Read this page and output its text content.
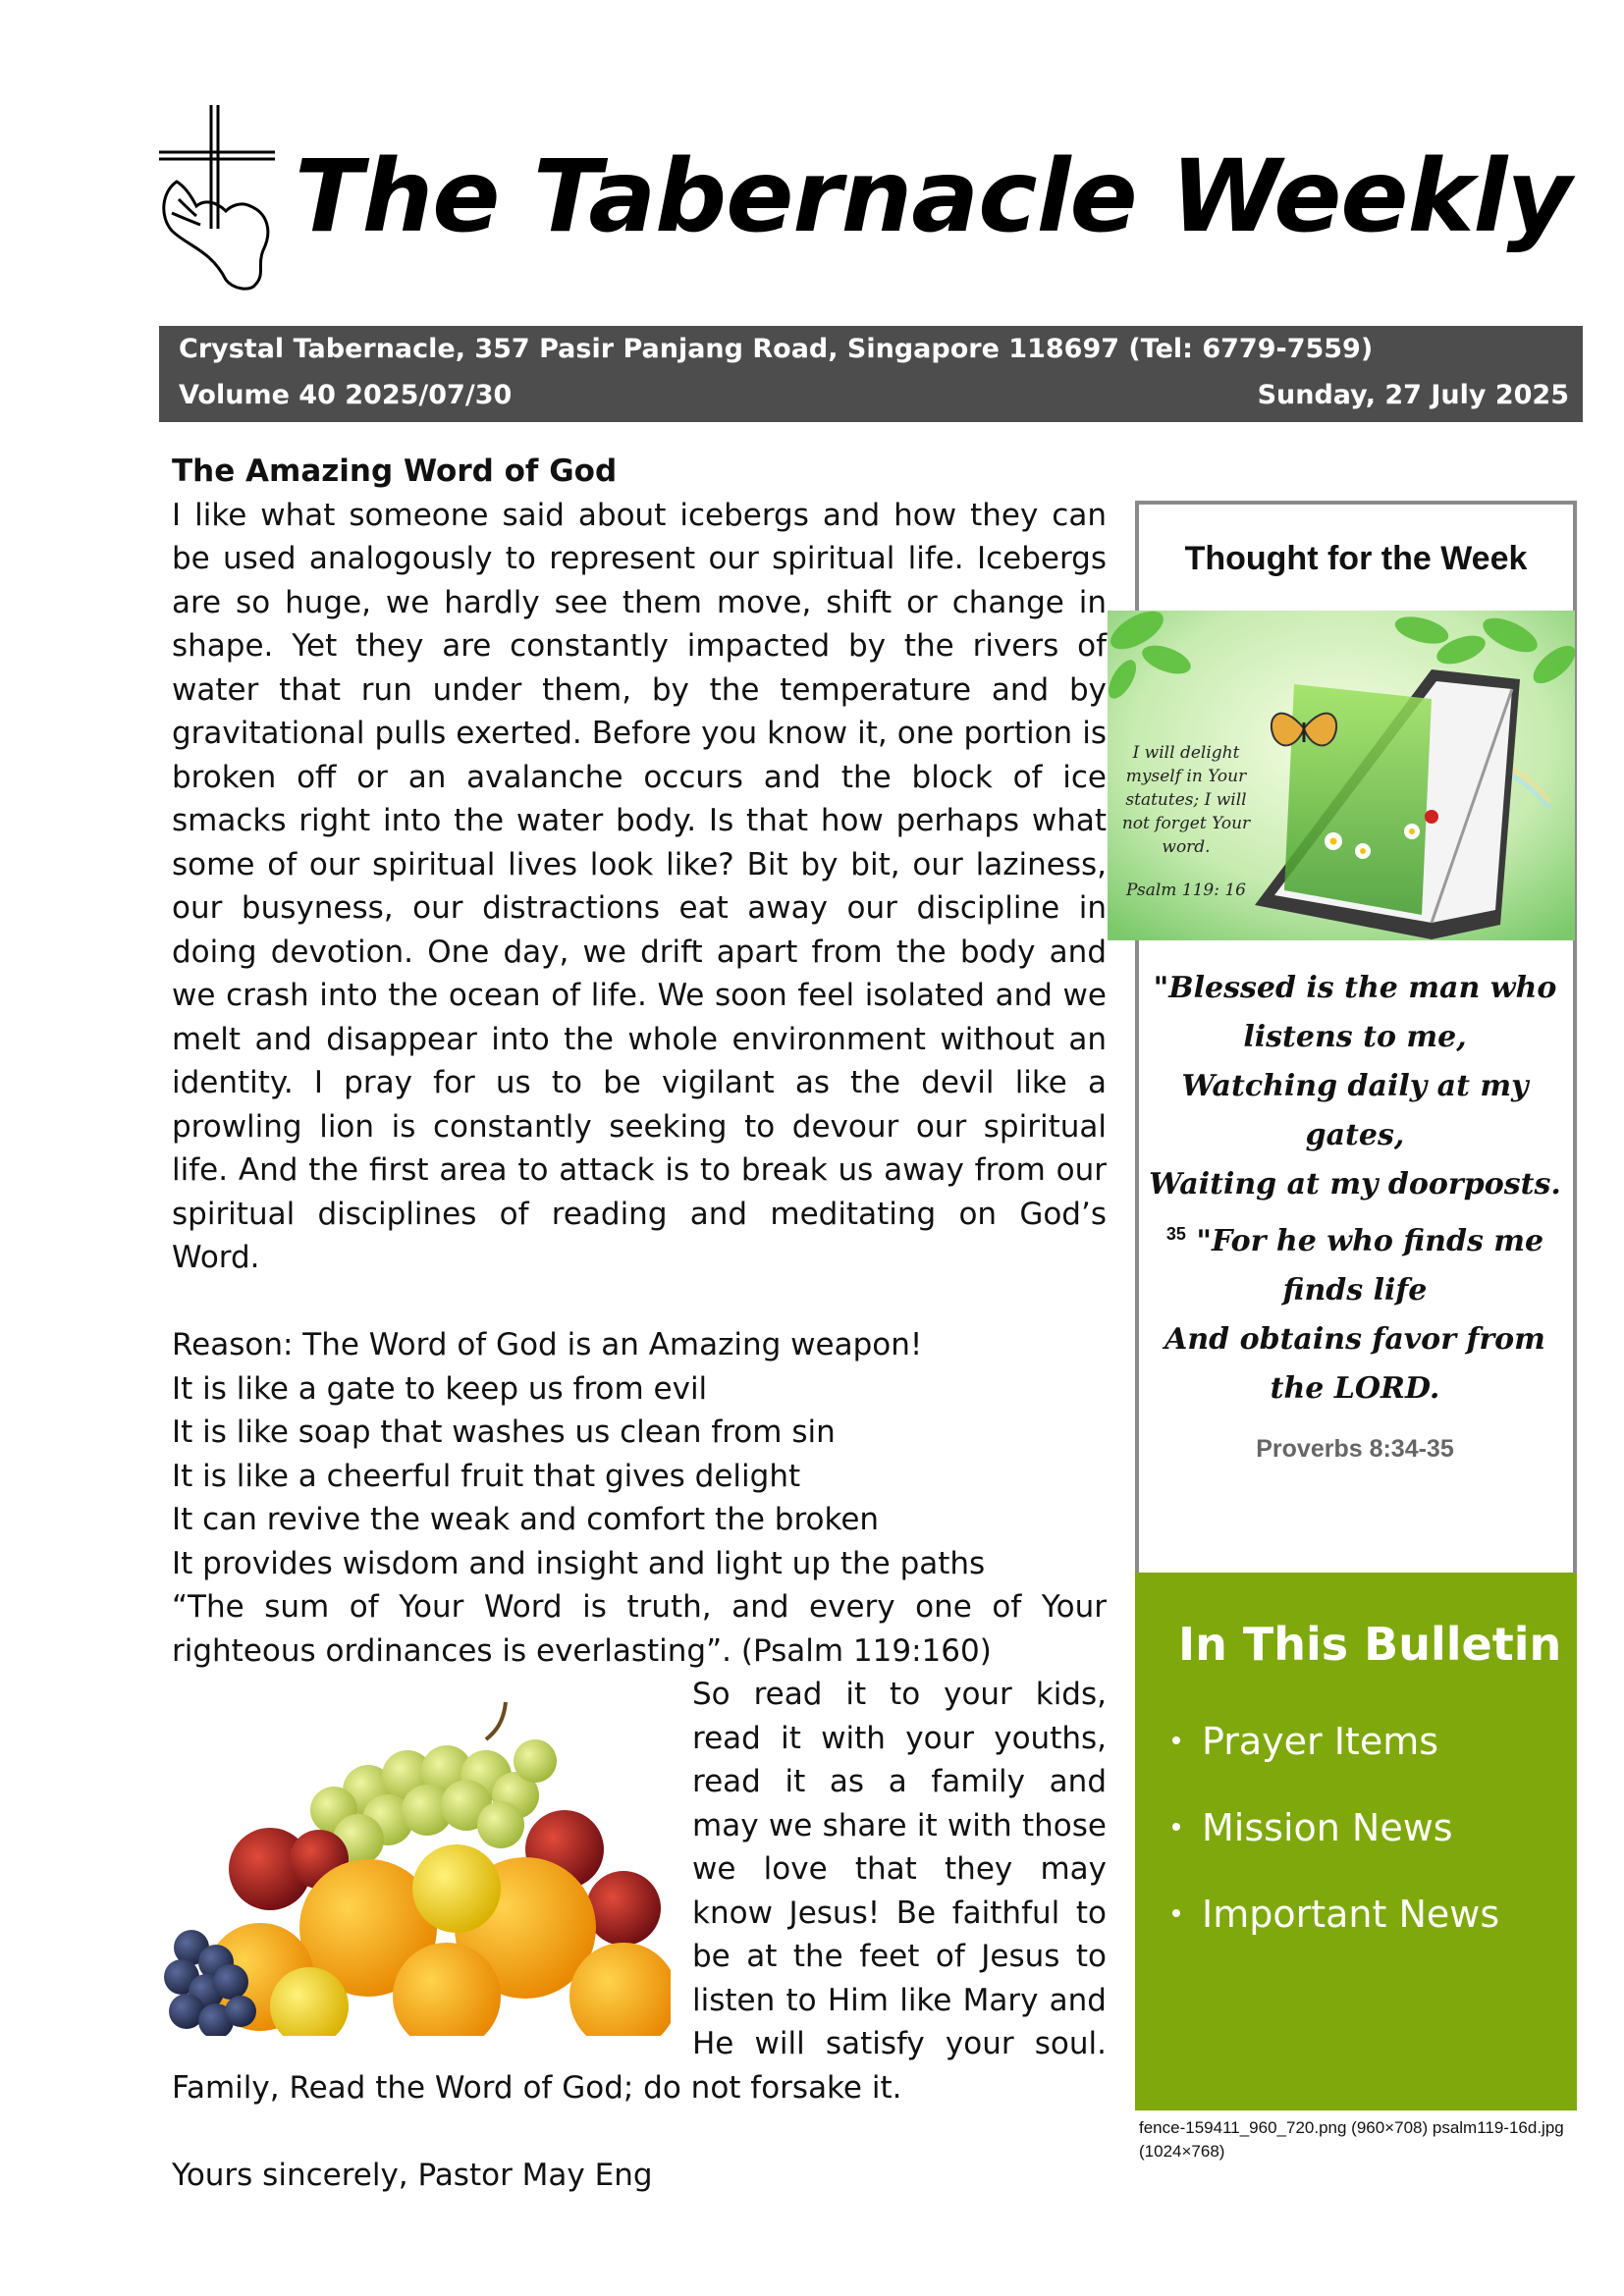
The Tabernacle Weekly
Crystal Tabernacle, 357 Pasir Panjang Road, Singapore 118697 (Tel: 6779-7559)
Volume 40 2025/07/30	Sunday, 27 July 2025
The Amazing Word of God

I like what someone said about icebergs and how they can be used analogously to represent our spiritual life. Icebergs are so huge, we hardly see them move, shift or change in shape. Yet they are constantly impacted by the rivers of water that run under them, by the temperature and by gravitational pulls exerted. Before you know it, one portion is broken off or an avalanche occurs and the block of ice smacks right into the water body. Is that how perhaps what some of our spiritual lives look like? Bit by bit, our laziness, our busyness, our distractions eat away our discipline in doing devotion. One day, we drift apart from the body and we crash into the ocean of life. We soon feel isolated and we melt and disappear into the whole environment without an identity. I pray for us to be vigilant as the devil like a prowling lion is constantly seeking to devour our spiritual life. And the first area to attack is to break us away from our spiritual disciplines of reading and meditating on God’s Word.

Reason: The Word of God is an Amazing weapon!
It is like a gate to keep us from evil
It is like soap that washes us clean from sin
It is like a cheerful fruit that gives delight
It can revive the weak and comfort the broken
It provides wisdom and insight and light up the paths

“The sum of Your Word is truth, and every one of Your righteous ordinances is everlasting”. (Psalm 119:160)

So read it to your kids, read it with your youths, read it as a family and may we share it with those we love that they may know Jesus! Be faithful to be at the feet of Jesus to listen to Him like Mary and He will satisfy your soul. Family, Read the Word of God; do not forsake it.

Yours sincerely, Pastor May Eng
Thought for the Week
I will delight
myself in Your
statutes; I will
not forget Your
word.
Psalm 119: 16
"Blessed is the man who
listens to me,
Watching daily at my
gates,
Waiting at my doorposts.
$^{35}$ "For he who finds me
finds life
And obtains favor from
the LORD.
Proverbs 8:34-35
In This Bulletin
Prayer Items
Mission News
Important News
fence-159411_960_720.png (960×708) psalm119-16d.jpg (1024×768)
